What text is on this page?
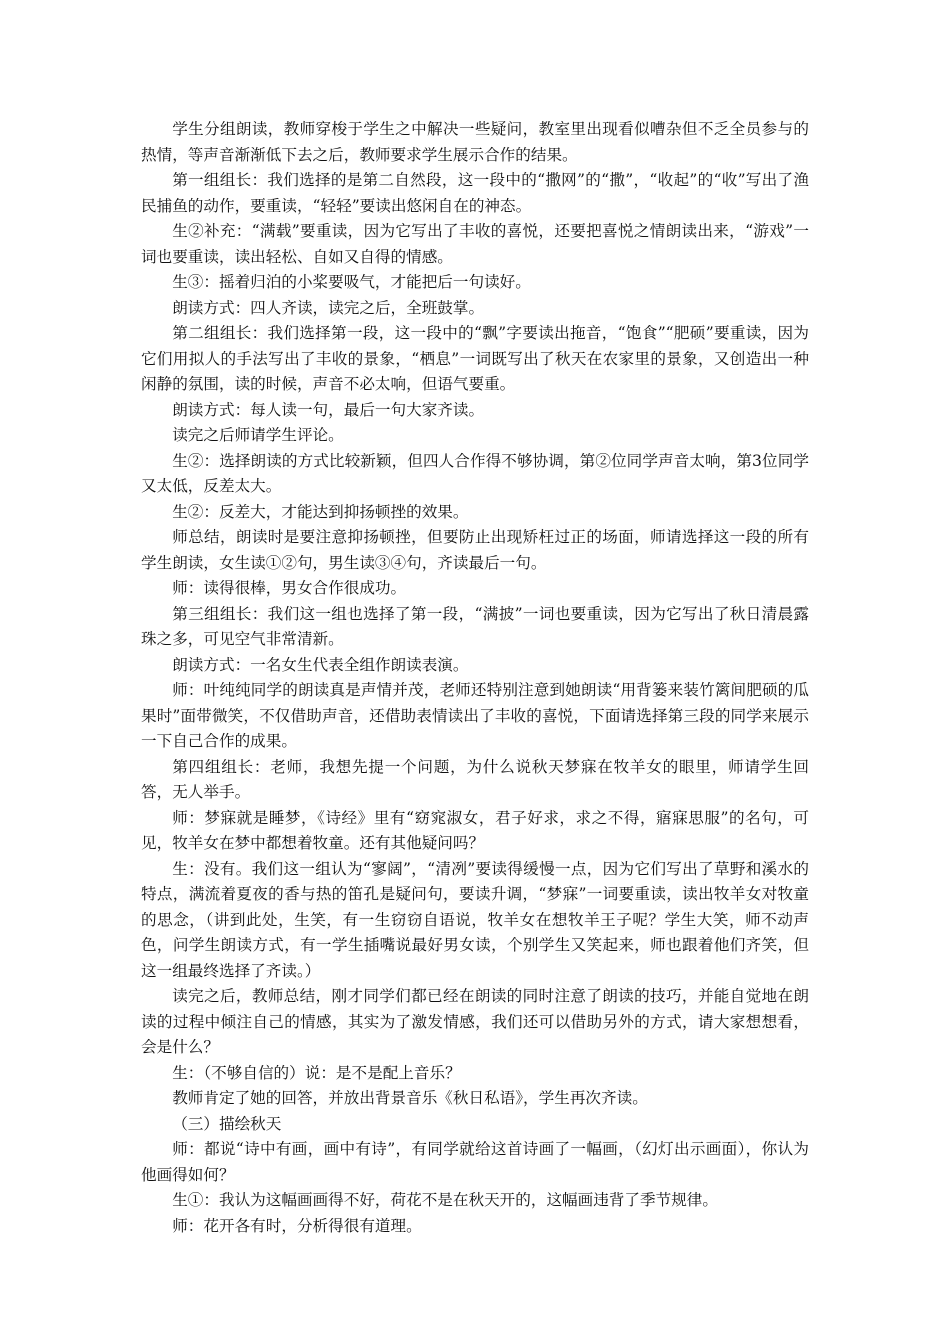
学生分组朗读，教师穿梭于学生之中解决一些疑问，教室里出现看似嘈杂但不乏全员参与的热情，等声音渐渐低下去之后，教师要求学生展示合作的结果。

第一组组长：我们选择的是第二自然段，这一段中的“撒网”的“撒”，“收起”的“收”写出了渔民捕鱼的动作，要重读，“轻轻”要读出悠闲自在的神态。

生②补充：“满载”要重读，因为它写出了丰收的喜悦，还要把喜悦之情朗读出来，“游戏”一词也要重读，读出轻松、自如又自得的情感。

生③：摇着归泊的小桨要吸气，才能把后一句读好。

朗读方式：四人齐读，读完之后，全班鼓掌。

第二组组长：我们选择第一段，这一段中的“飘”字要读出拖音，“饱食”“肥硕”要重读，因为它们用拟人的手法写出了丰收的景象，“栖息”一词既写出了秋天在农家里的景象，又创造出一种闲静的氛围，读的时候，声音不必太响，但语气要重。

朗读方式：每人读一句，最后一句大家齐读。

读完之后师请学生评论。

生②：选择朗读的方式比较新颖，但四人合作得不够协调，第②位同学声音太响，第3位同学又太低，反差太大。

生②：反差大，才能达到抑扬顿挫的效果。

师总结，朗读时是要注意抑扬顿挫，但要防止出现矫枉过正的场面，师请选择这一段的所有学生朗读，女生读①②句，男生读③④句，齐读最后一句。

师：读得很棒，男女合作很成功。

第三组组长：我们这一组也选择了第一段，“满披”一词也要重读，因为它写出了秋日清晨露珠之多，可见空气非常清新。

朗读方式：一名女生代表全组作朗读表演。

师：叶纯纯同学的朗读真是声情并茂，老师还特别注意到她朗读“用背篓来装竹篱间肥硕的瓜果时”面带微笑，不仅借助声音，还借助表情读出了丰收的喜悦，下面请选择第三段的同学来展示一下自己合作的成果。

第四组组长：老师，我想先提一个问题，为什么说秋天梦寐在牧羊女的眼里，师请学生回答，无人举手。

师：梦寐就是睡梦，《诗经》里有“窈窕淑女，君子好求，求之不得，寤寐思服”的名句，可见，牧羊女在梦中都想着牧童。还有其他疑问吗？

生：没有。我们这一组认为“寥阔”，“清冽”要读得缓慢一点，因为它们写出了草野和溪水的特点，满流着夏夜的香与热的笛孔是疑问句，要读升调，“梦寐”一词要重读，读出牧羊女对牧童的思念，（讲到此处，生笑，有一生窃窃自语说，牧羊女在想牧羊王子呢？学生大笑，师不动声色，问学生朗读方式，有一学生插嘴说最好男女读，个别学生又笑起来，师也跟着他们齐笑，但这一组最终选择了齐读。）

读完之后，教师总结，刚才同学们都已经在朗读的同时注意了朗读的技巧，并能自觉地在朗读的过程中倾注自己的情感，其实为了激发情感，我们还可以借助另外的方式，请大家想想看，会是什么？

生：（不够自信的）说：是不是配上音乐？

教师肯定了她的回答，并放出背景音乐《秋日私语》，学生再次齐读。

（三）描绘秋天

师：都说“诗中有画，画中有诗”，有同学就给这首诗画了一幅画，（幻灯出示画面），你认为他画得如何？

生①：我认为这幅画画得不好，荷花不是在秋天开的，这幅画违背了季节规律。

师：花开各有时，分析得很有道理。
